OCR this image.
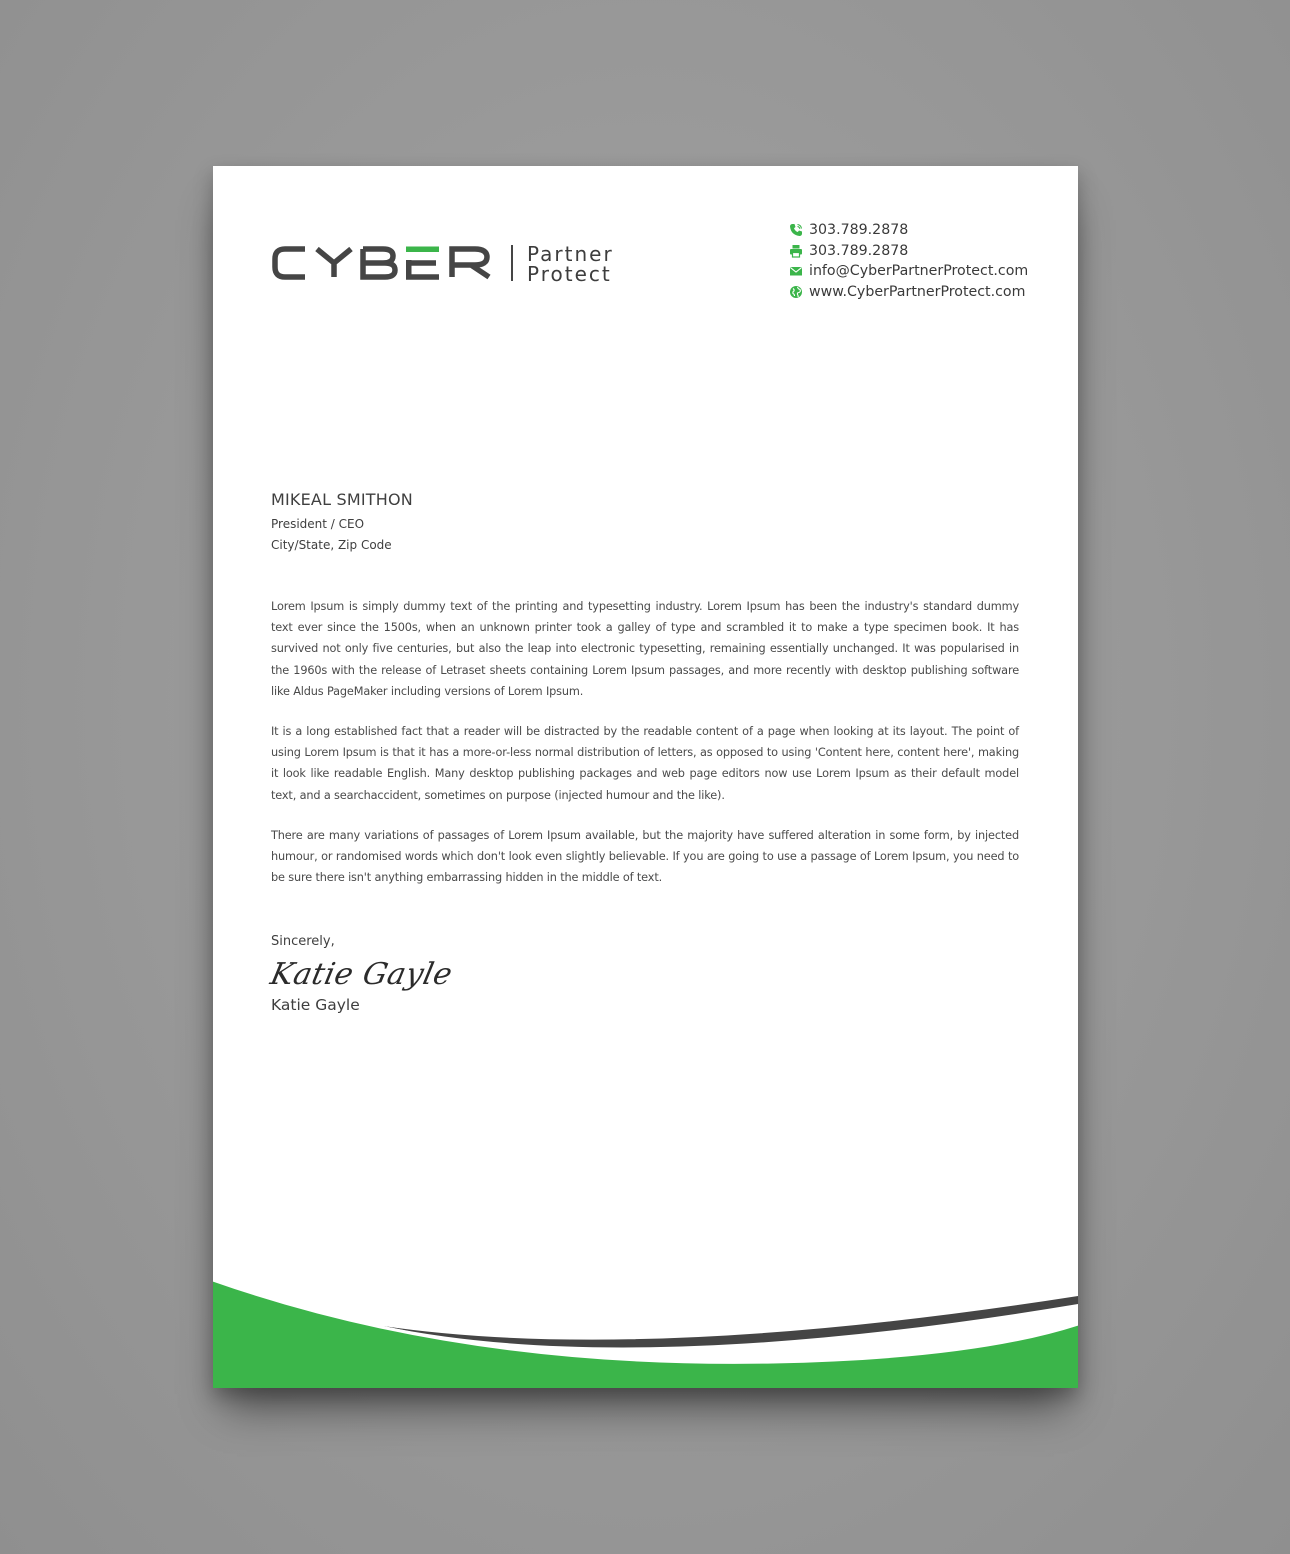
Partner
Protect
303.789.2878
303.789.2878
info@CyberPartnerProtect.com
www.CyberPartnerProtect.com
MIKEAL SMITHON
President / CEO
City/State, Zip Code

Lorem Ipsum is simply dummy text of the printing and typesetting industry. Lorem Ipsum has been the industry's standard dummy text ever since the 1500s, when an unknown printer took a galley of type and scrambled it to make a type specimen book. It has survived not only five centuries, but also the leap into electronic typesetting, remaining essentially unchanged. It was popularised in the 1960s with the release of Letraset sheets containing Lorem Ipsum passages, and more recently with desktop publishing software like Aldus PageMaker including versions of Lorem Ipsum.

It is a long established fact that a reader will be distracted by the readable content of a page when looking at its layout. The point of using Lorem Ipsum is that it has a more-or-less normal distribution of letters, as opposed to using 'Content here, content here', making it look like readable English. Many desktop publishing packages and web page editors now use Lorem Ipsum as their default model text, and a searchaccident, sometimes on purpose (injected humour and the like).

There are many variations of passages of Lorem Ipsum available, but the majority have suffered alteration in some form, by injected humour, or randomised words which don't look even slightly believable. If you are going to use a passage of Lorem Ipsum, you need to be sure there isn't anything embarrassing hidden in the middle of text.

Sincerely,
Katie Gayle
Katie Gayle
